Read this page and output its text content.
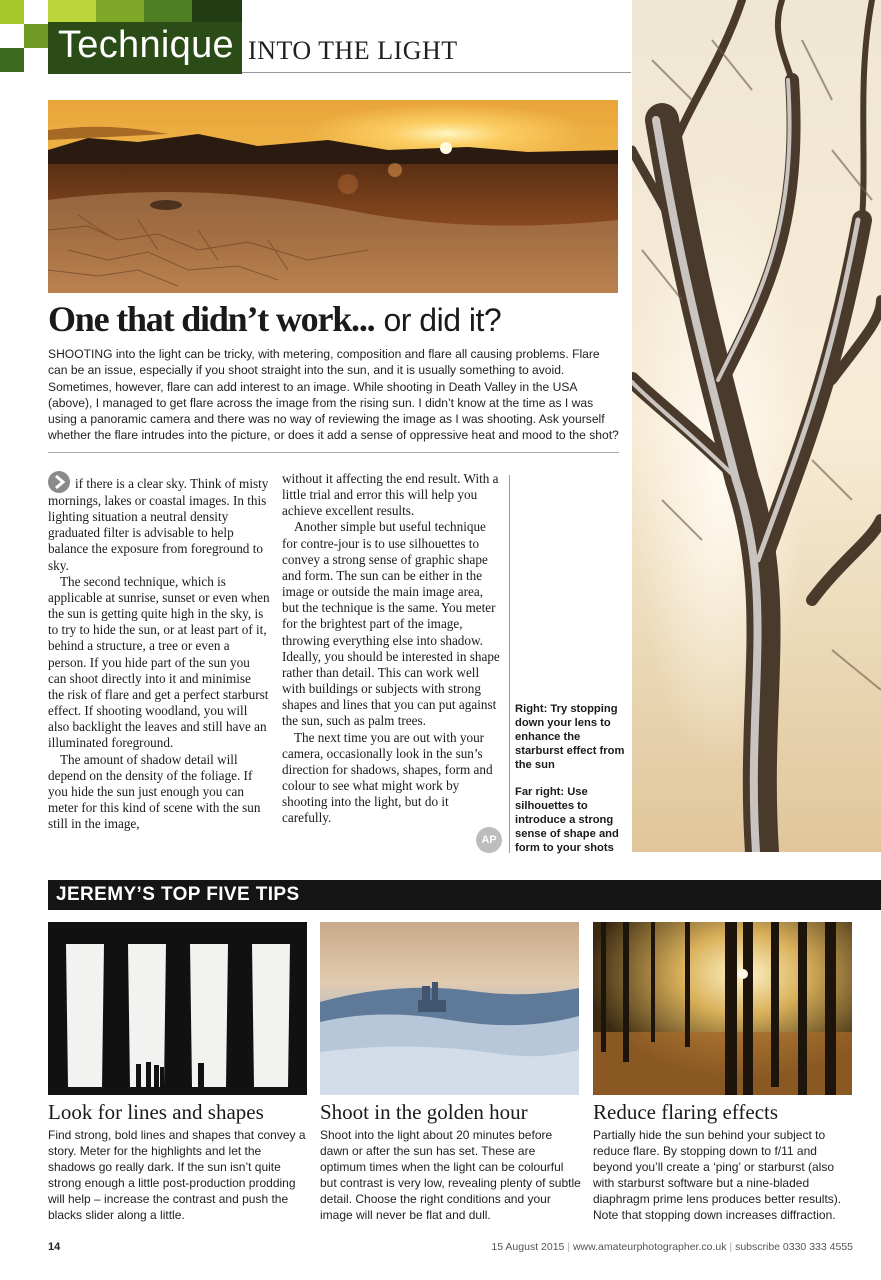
Technique INTO THE LIGHT
One that didn’t work... or did it?
SHOOTING into the light can be tricky, with metering, composition and flare all causing problems. Flare can be an issue, especially if you shoot straight into the sun, and it is usually something to avoid. Sometimes, however, flare can add interest to an image. While shooting in Death Valley in the USA (above), I managed to get flare across the image from the rising sun. I didn’t know at the time as I was using a panoramic camera and there was no way of reviewing the image as I was shooting. Ask yourself whether the flare intrudes into the picture, or does it add a sense of oppressive heat and mood to the shot?

if there is a clear sky. Think of misty mornings, lakes or coastal images. In this lighting situation a neutral density graduated filter is advisable to help balance the exposure from foreground to sky.

The second technique, which is applicable at sunrise, sunset or even when the sun is getting quite high in the sky, is to try to hide the sun, or at least part of it, behind a structure, a tree or even a person. If you hide part of the sun you can shoot directly into it and minimise the risk of flare and get a perfect starburst effect. If shooting woodland, you will also backlight the leaves and still have an illuminated foreground.

The amount of shadow detail will depend on the density of the foliage. If you hide the sun just enough you can meter for this kind of scene with the sun still in the image,

without it affecting the end result. With a little trial and error this will help you achieve excellent results.

Another simple but useful technique for contre-jour is to use silhouettes to convey a strong sense of graphic shape and form. The sun can be either in the image or outside the main image area, but the technique is the same. You meter for the brightest part of the image, throwing everything else into shadow. Ideally, you should be interested in shape rather than detail. This can work well with buildings or subjects with strong shapes and lines that you can put against the sun, such as palm trees.

The next time you are out with your camera, occasionally look in the sun’s direction for shadows, shapes, form and colour to see what might work by shooting into the light, but do it carefully.

AP
Right: Try stopping down your lens to enhance the starburst effect from the sun
Far right: Use silhouettes to introduce a strong sense of shape and form to your shots
JEREMY’S TOP FIVE TIPS
Look for lines and shapes
Find strong, bold lines and shapes that convey a story. Meter for the highlights and let the shadows go really dark. If the sun isn’t quite strong enough a little post-production prodding will help – increase the contrast and push the blacks slider along a little.
Shoot in the golden hour
Shoot into the light about 20 minutes before dawn or after the sun has set. These are optimum times when the light can be colourful but contrast is very low, revealing plenty of subtle detail. Choose the right conditions and your image will never be flat and dull.
Reduce flaring effects
Partially hide the sun behind your subject to reduce flare. By stopping down to f/11 and beyond you’ll create a ‘ping’ or starburst (also with starburst software but a nine-bladed diaphragm prime lens produces better results). Note that stopping down increases diffraction.
14	15 August 2015 | www.amateurphotographer.co.uk | subscribe 0330 333 4555
